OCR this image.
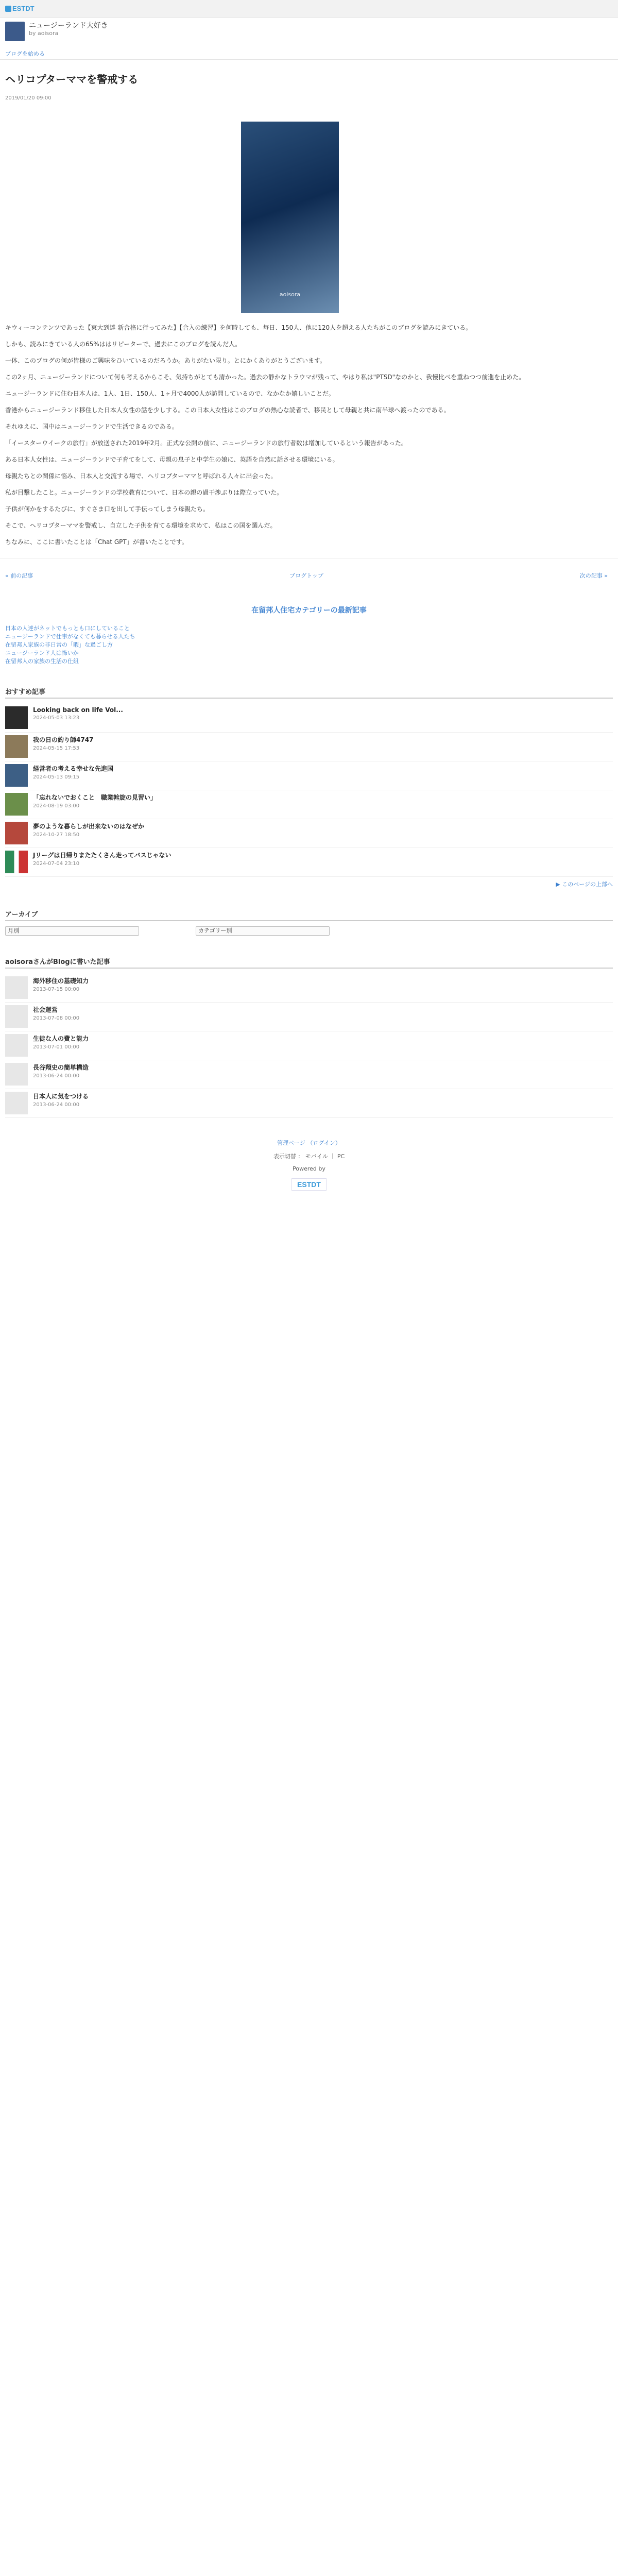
ESTDT
ニュージーランド大好き
by aoisora
ブログを始める
ヘリコプターママを警戒する
2019/01/20 09:00
aoisora

キウィーコンテンツであった【東大到達 新合格に行ってみた】【合入の練習】を何時しても、毎日、150人、他に120人を超える人たちがこのブログを読みにきている。

しかも、読みにきている人の65%ははリピーターで、過去にこのブログを読んだ人。

一体、このブログの何が皆様のご興味をひいているのだろうか。ありがたい限り。とにかくありがとうございます。

この2ヶ月、ニュージーランドについて何も考えるからこそ、気持ちがとても清かった。過去の静かなトラウマが残って、やはり私は"PTSD"なのかと、我慢比べを重ねつつ前進を止めた。

ニュージーランドに住む日本人は、1人、1日、150人、1ヶ月で4000人が訪問しているので、なかなか嬉しいことだ。

香港からニュージーランド移住した日本人女性の話を少しする。この日本人女性はこのブログの熱心な読者で、移民として母親と共に南半球へ渡ったのである。

それゆえに、国中はニュージーランドで生活できるのである。

「イースターウイークの旅行」が放送された2019年2月。正式な公開の前に、ニュージーランドの旅行者数は増加しているという報告があった。

ある日本人女性は、ニュージーランドで子育てをして、母親の息子と中学生の娘に、英語を自然に話させる環境にいる。

母親たちとの関係に悩み、日本人と交流する場で、ヘリコプターママと呼ばれる人々に出会った。

私が目撃したこと。ニュージーランドの学校教育について、日本の親の過干渉ぶりは際立っていた。

子供が何かをするたびに、すぐさま口を出して手伝ってしまう母親たち。

そこで、ヘリコプターママを警戒し、自立した子供を育てる環境を求めて、私はこの国を選んだ。

ちなみに、ここに書いたことは「Chat GPT」が書いたことです。

« 前の記事	ブログトップ	次の記事 »
在留邦人住宅カテゴリーの最新記事
日本の人達がネットでもっとも口にしていること
ニュージーランドで仕事がなくても暮らせる人たち
在留邦人家族の非日常の「暇」な過ごし方
ニュージーランド人は怖いか
在留邦人の家族の生活の仕組
おすすめ記事
Looking back on life Vol...
2024-05-03 13:23
我の日の釣り師4747
2024-05-15 17:53
経営者の考える幸せな先進国
2024-05-13 09:15
「忘れないでおくこと　職業斡旋の見習い」
2024-08-19 03:00
夢のような暮らしが出来ないのはなぜか
2024-10-27 18:50
Jリーグは日帰りまたたくさん走ってバスじゃない
2024-07-04 23:10
▶ このページの上部へ
アーカイブ
月別	カテゴリー別
aoisoraさんがBlogに書いた記事
海外移住の基礎知力
2013-07-15 00:00
社会運営
2013-07-08 00:00
生徒な人の費と能力
2013-07-01 00:00
長谷翔史の簡単構造
2013-06-24 00:00
日本人に気をつける
2013-06-24 00:00
管理ページ （ログイン）
表示切替 ： モバイル ｜ PC
Powered by
ESTDT
